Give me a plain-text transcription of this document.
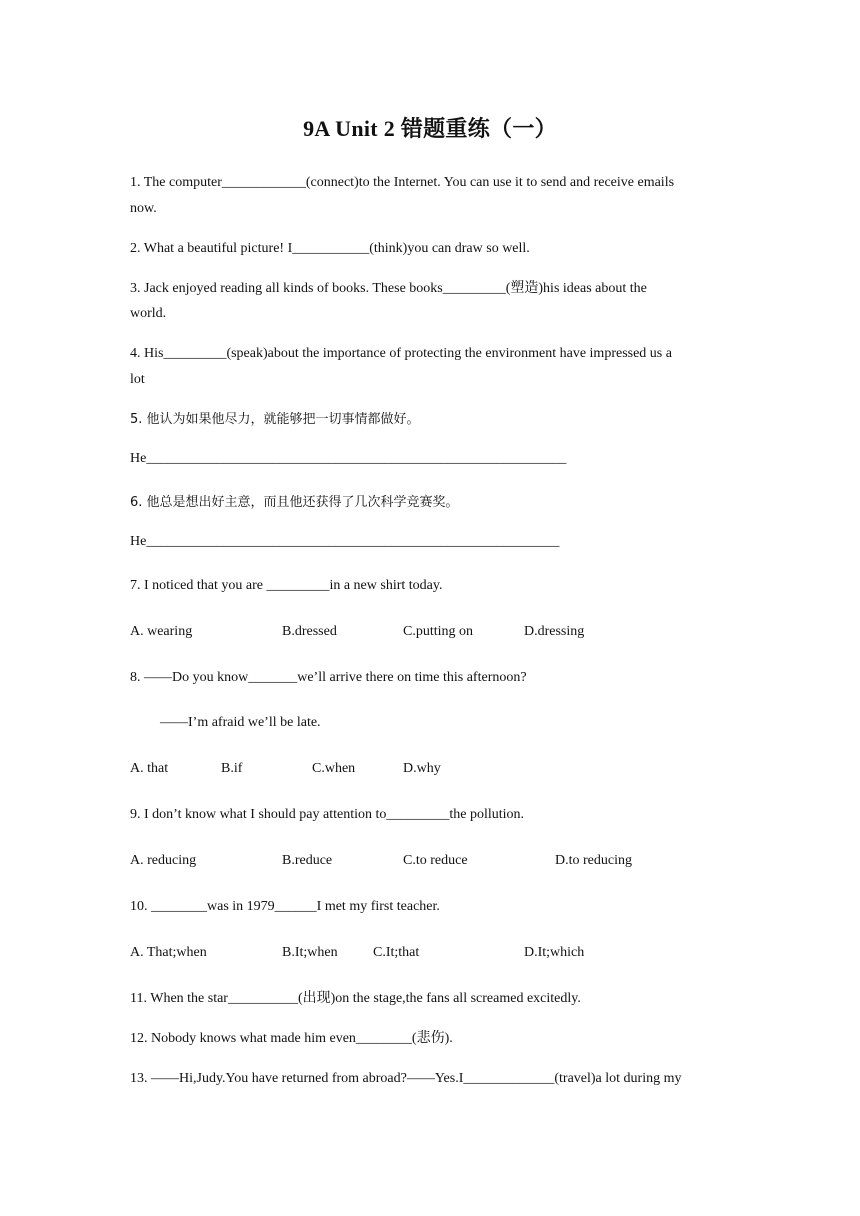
9A Unit 2 错题重练（一）
1. The computer____________(connect)to the Internet. You can use it to send and receive emails
now.
2. What a beautiful picture! I___________(think)you can draw so well.
3. Jack enjoyed reading all kinds of books. These books_________(塑造)his ideas about the
world.
4. His_________(speak)about the importance of protecting the environment have impressed us a
lot
5. 他认为如果他尽力，就能够把一切事情都做好。
He____________________________________________________________
6. 他总是想出好主意，而且他还获得了几次科学竞赛奖。
He___________________________________________________________
7. I noticed that you are _________in a new shirt today.
A. wearing	B.dressed	C.putting on	D.dressing
8. ——Do you know_______we’ll arrive there on time this afternoon?
——I’m afraid we’ll be late.
A. that	B.if	C.when	D.why
9. I don’t know what I should pay attention to_________the pollution.
A. reducing	B.reduce	C.to reduce	D.to reducing
10. ________was in 1979______I met my first teacher.
A. That;when	B.It;when	C.It;that	D.It;which
11. When the star__________(出现)on the stage,the fans all screamed excitedly.
12. Nobody knows what made him even________(悲伤).
13. ——Hi,Judy.You have returned from abroad?——Yes.I_____________(travel)a lot during my
